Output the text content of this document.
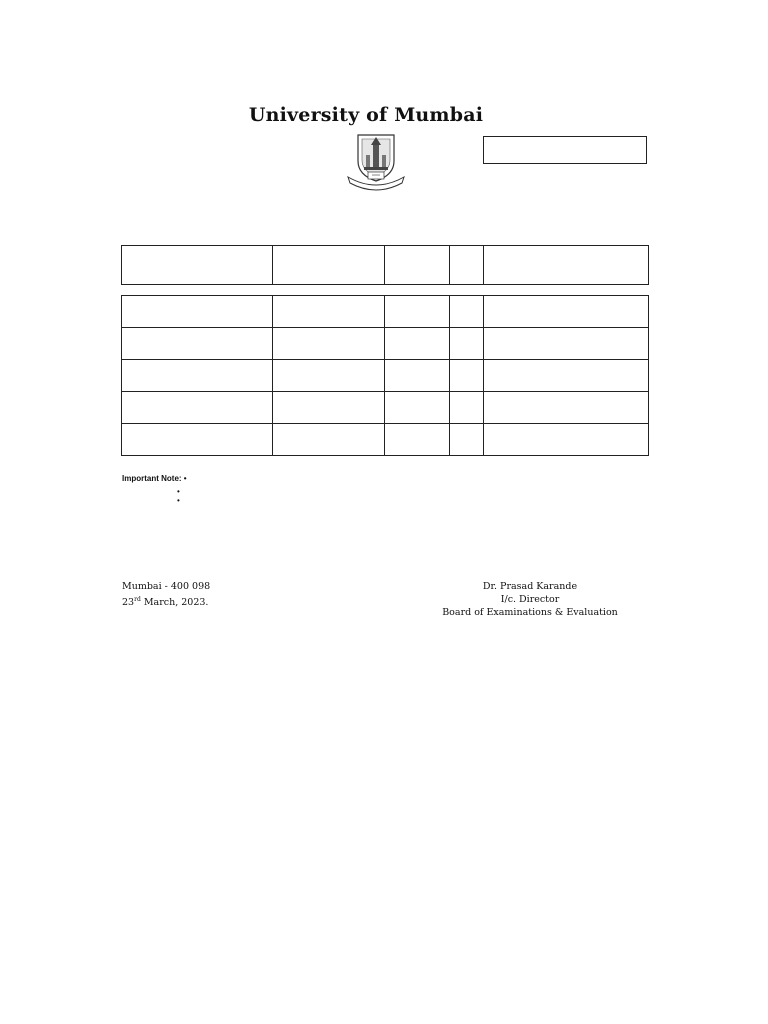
University of Mumbai

Important Note: •
•
•
Mumbai - 400 098
23rd March, 2023.
Dr. Prasad Karande
I/c. Director
Board of Examinations & Evaluation
